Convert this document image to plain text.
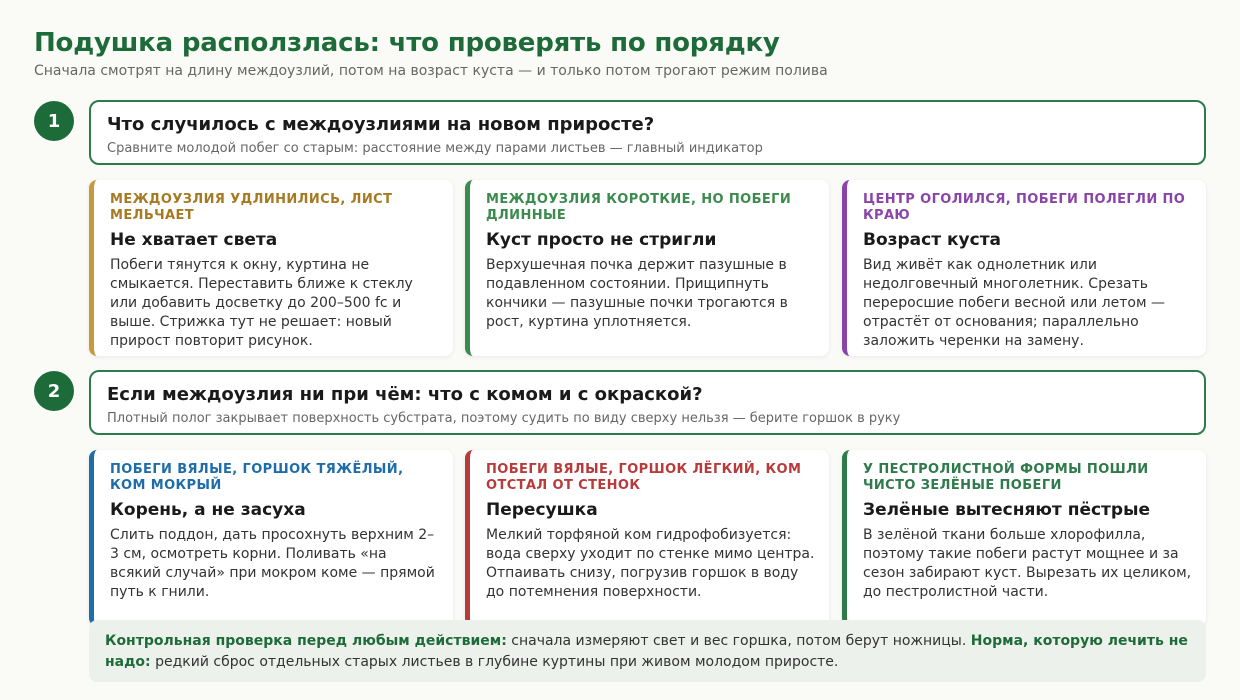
Подушка расползлась: что проверять по порядку

Сначала смотрят на длину междоузлий, потом на возраст куста — и только потом трогают режим полива

1	Что случилось с междоузлиями на новом приросте?
Сравните молодой побег со старым: расстояние между парами листьев — главный индикатор
МЕЖДОУЗЛИЯ УДЛИНИЛИСЬ, ЛИСТ МЕЛЬЧАЕТ
Не хватает света
Побеги тянутся к окну, куртина не смыкается. Переставить ближе к стеклу или добавить досветку до 200–500 fc и выше. Стрижка тут не решает: новый прирост повторит рисунок.
МЕЖДОУЗЛИЯ КОРОТКИЕ, НО ПОБЕГИ ДЛИННЫЕ
Куст просто не стригли
Верхушечная почка держит пазушные в подавленном состоянии. Прищипнуть кончики — пазушные почки трогаются в рост, куртина уплотняется.
ЦЕНТР ОГОЛИЛСЯ, ПОБЕГИ ПОЛЕГЛИ ПО КРАЮ
Возраст куста
Вид живёт как однолетник или недолговечный многолетник. Срезать переросшие побеги весной или летом — отрастёт от основания; параллельно заложить черенки на замену.
2	Если междоузлия ни при чём: что с комом и с окраской?
Плотный полог закрывает поверхность субстрата, поэтому судить по виду сверху нельзя — берите горшок в руку
ПОБЕГИ ВЯЛЫЕ, ГОРШОК ТЯЖЁЛЫЙ, КОМ МОКРЫЙ
Корень, а не засуха
Слить поддон, дать просохнуть верхним 2–3 см, осмотреть корни. Поливать «на всякий случай» при мокром коме — прямой путь к гнили.
ПОБЕГИ ВЯЛЫЕ, ГОРШОК ЛЁГКИЙ, КОМ ОТСТАЛ ОТ СТЕНОК
Пересушка
Мелкий торфяной ком гидрофобизуется: вода сверху уходит по стенке мимо центра. Отпаивать снизу, погрузив горшок в воду до потемнения поверхности.
У ПЕСТРОЛИСТНОЙ ФОРМЫ ПОШЛИ ЧИСТО ЗЕЛЁНЫЕ ПОБЕГИ
Зелёные вытесняют пёстрые
В зелёной ткани больше хлорофилла, поэтому такие побеги растут мощнее и за сезон забирают куст. Вырезать их целиком, до пестролистной части.
Контрольная проверка перед любым действием: сначала измеряют свет и вес горшка, потом берут ножницы. Норма, которую лечить не надо: редкий сброс отдельных старых листьев в глубине куртины при живом молодом приросте.
